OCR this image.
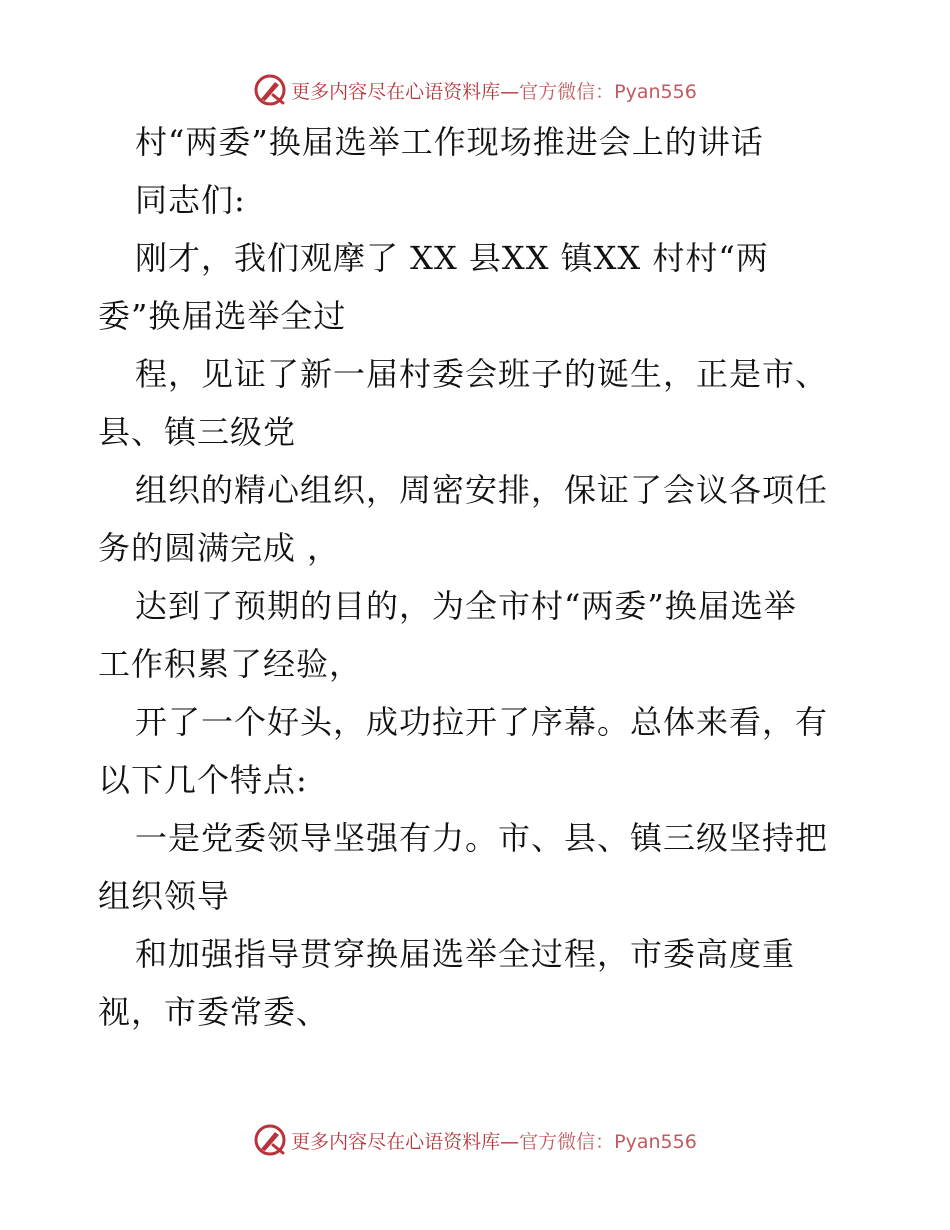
更多内容尽在心语资料库—官方微信：Pyan556
村“两委”换届选举工作现场推进会上的讲话
同志们:
刚才，我们观摩了 XX 县XX 镇XX 村村“两
委”换届选举全过
程，见证了新一届村委会班子的诞生，正是市、
县、镇三级党
组织的精心组织，周密安排，保证了会议各项任
务的圆满完成 ，
达到了预期的目的，为全市村“两委”换届选举
工作积累了经验，
开了一个好头，成功拉开了序幕。总体来看，有
以下几个特点:
一是党委领导坚强有力。市、县、镇三级坚持把
组织领导
和加强指导贯穿换届选举全过程，市委高度重
视，市委常委、
更多内容尽在心语资料库—官方微信：Pyan556
